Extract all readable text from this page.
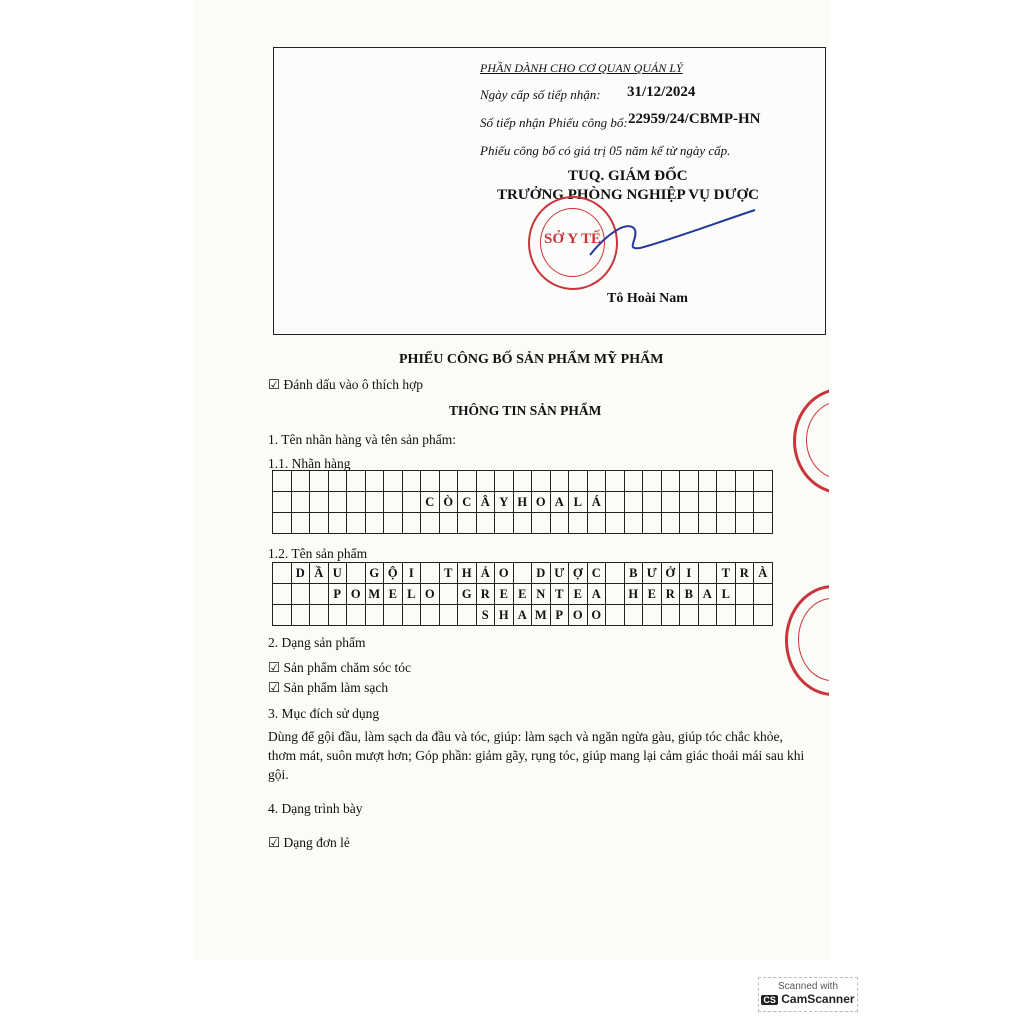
PHẦN DÀNH CHO CƠ QUAN QUẢN LÝ
Ngày cấp số tiếp nhận: 31/12/2024
Số tiếp nhận Phiếu công bố: 22959/24/CBMP-HN
Phiếu công bố có giá trị 05 năm kể từ ngày cấp.
TUQ. GIÁM ĐỐC
TRƯỞNG PHÒNG NGHIỆP VỤ DƯỢC
SỞ Y TẾ
Tô Hoài Nam
PHIẾU CÔNG BỐ SẢN PHẨM MỸ PHẨM
☑ Đánh dấu vào ô thích hợp
THÔNG TIN SẢN PHẨM
1. Tên nhãn hàng và tên sản phẩm:
1.1. Nhãn hàng

								C	Ò	C	Â	Y	H	O	A	L	Á									

1.2. Tên sản phẩm
	D	Ầ	U		G	Ộ	I		T	H	Ả	O		D	Ư	Ợ	C		B	Ư	Ở	I		T	R	À
			P	O	M	E	L	O		G	R	E	E	N	T	E	A		H	E	R	B	A	L		
											S	H	A	M	P	O	O									
2. Dạng sản phẩm
☑ Sản phẩm chăm sóc tóc
☑ Sản phẩm làm sạch
3. Mục đích sử dụng
Dùng để gội đầu, làm sạch da đầu và tóc, giúp: làm sạch và ngăn ngừa gàu, giúp tóc chắc khỏe,
thơm mát, suôn mượt hơn; Góp phần: giảm gãy, rụng tóc, giúp mang lại cảm giác thoải mái sau khi
gội.
4. Dạng trình bày
☑ Dạng đơn lẻ
Scanned with
CS CamScanner
